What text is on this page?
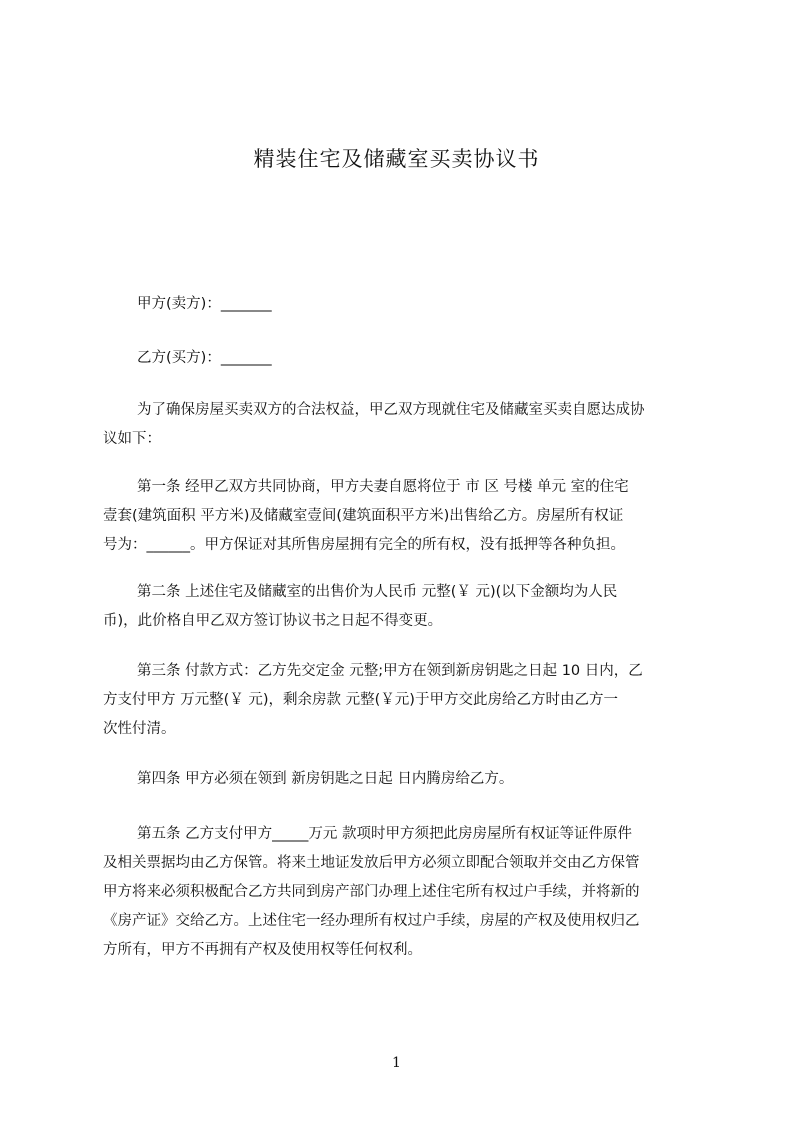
精装住宅及储藏室买卖协议书

甲方(卖方)：_______

乙方(买方)：_______

为了确保房屋买卖双方的合法权益，甲乙双方现就住宅及储藏室买卖自愿达成协
议如下：

第一条 经甲乙双方共同协商，甲方夫妻自愿将位于 市 区 号楼 单元 室的住宅
壹套(建筑面积 平方米)及储藏室壹间(建筑面积平方米)出售给乙方。房屋所有权证
号为：______。甲方保证对其所售房屋拥有完全的所有权，没有抵押等各种负担。

第二条 上述住宅及储藏室的出售价为人民币 元整(￥ 元)(以下金额均为人民
币)，此价格自甲乙双方签订协议书之日起不得变更。

第三条 付款方式：乙方先交定金 元整;甲方在领到新房钥匙之日起 10 日内，乙
方支付甲方 万元整(￥ 元)，剩余房款 元整(￥元)于甲方交此房给乙方时由乙方一
次性付清。

第四条 甲方必须在领到 新房钥匙之日起 日内腾房给乙方。

第五条 乙方支付甲方_____万元 款项时甲方须把此房房屋所有权证等证件原件
及相关票据均由乙方保管。将来土地证发放后甲方必须立即配合领取并交由乙方保管
甲方将来必须积极配合乙方共同到房产部门办理上述住宅所有权过户手续，并将新的
《房产证》交给乙方。上述住宅一经办理所有权过户手续，房屋的产权及使用权归乙
方所有，甲方不再拥有产权及使用权等任何权利。

1
